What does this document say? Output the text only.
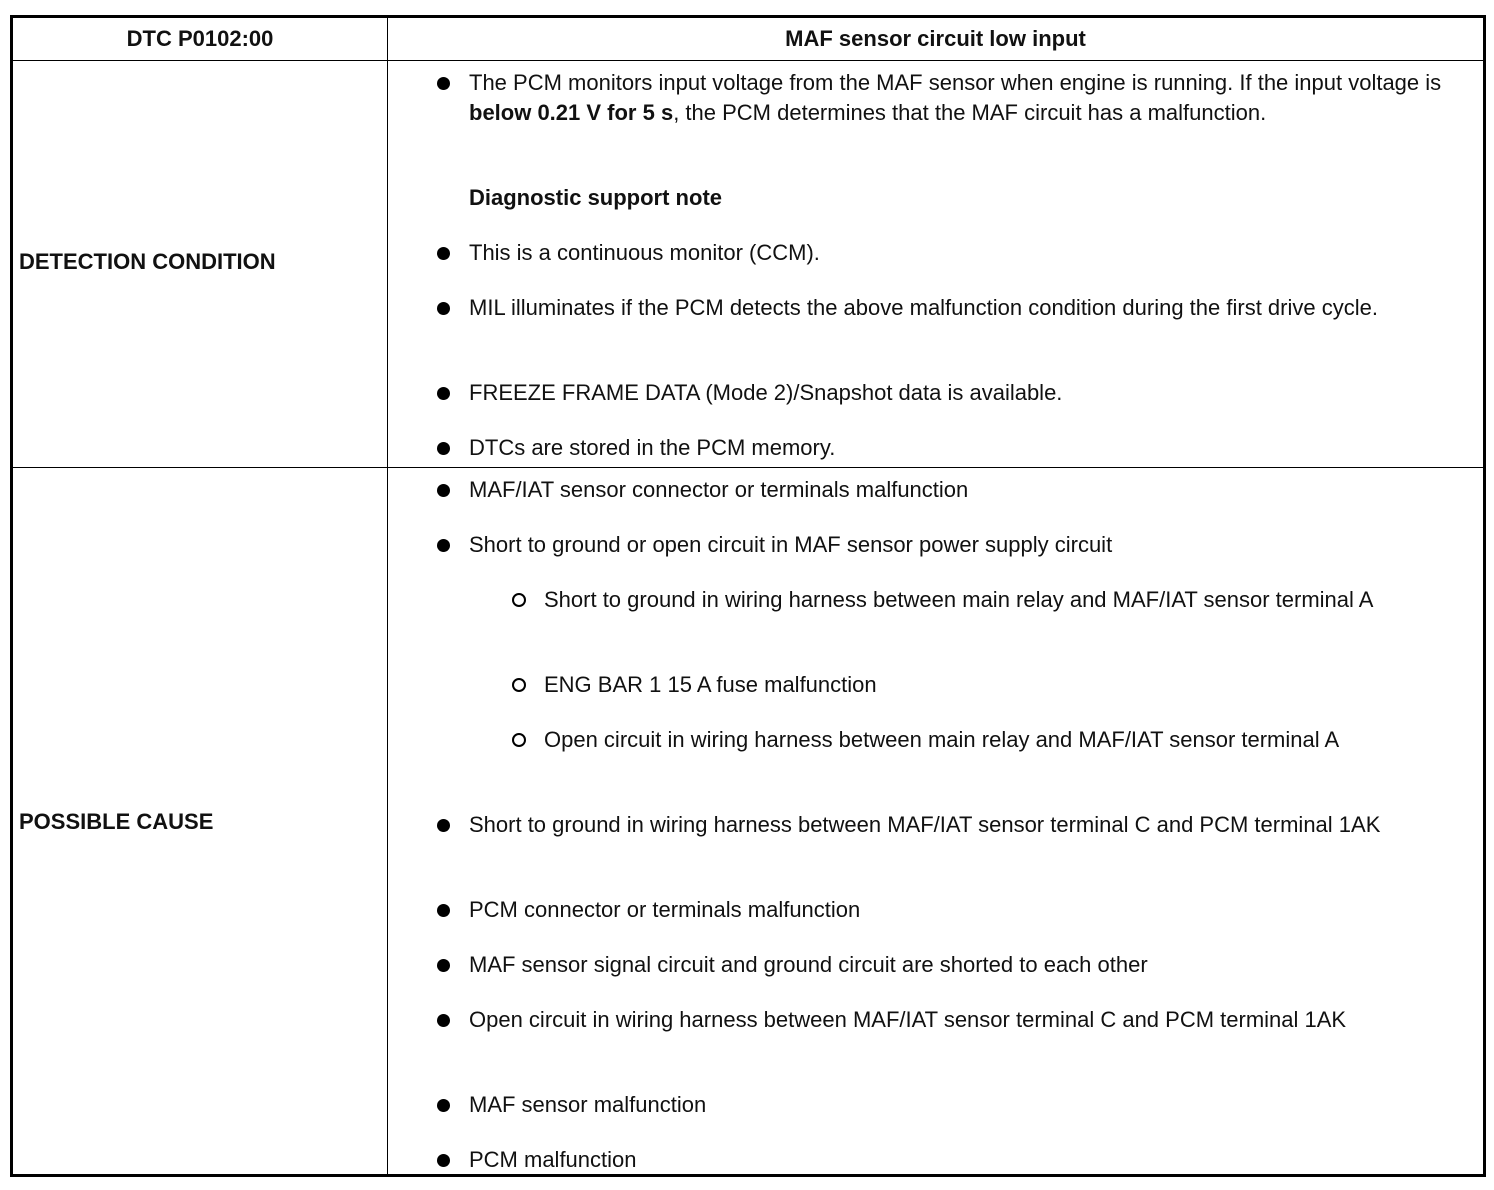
DTC P0102:00	MAF sensor circuit low input
DETECTION CONDITION
The PCM monitors input voltage from the MAF sensor when engine is running. If the input voltage is below 0.21 V for 5 s, the PCM determines that the MAF circuit has a malfunction.
Diagnostic support note
This is a continuous monitor (CCM).
MIL illuminates if the PCM detects the above malfunction condition during the first drive cycle.
FREEZE FRAME DATA (Mode 2)/Snapshot data is available.
DTCs are stored in the PCM memory.
POSSIBLE CAUSE
MAF/IAT sensor connector or terminals malfunction
Short to ground or open circuit in MAF sensor power supply circuit
Short to ground in wiring harness between main relay and MAF/IAT sensor terminal A
ENG BAR 1 15 A fuse malfunction
Open circuit in wiring harness between main relay and MAF/IAT sensor terminal A
Short to ground in wiring harness between MAF/IAT sensor terminal C and PCM terminal 1AK
PCM connector or terminals malfunction
MAF sensor signal circuit and ground circuit are shorted to each other
Open circuit in wiring harness between MAF/IAT sensor terminal C and PCM terminal 1AK
MAF sensor malfunction
PCM malfunction
